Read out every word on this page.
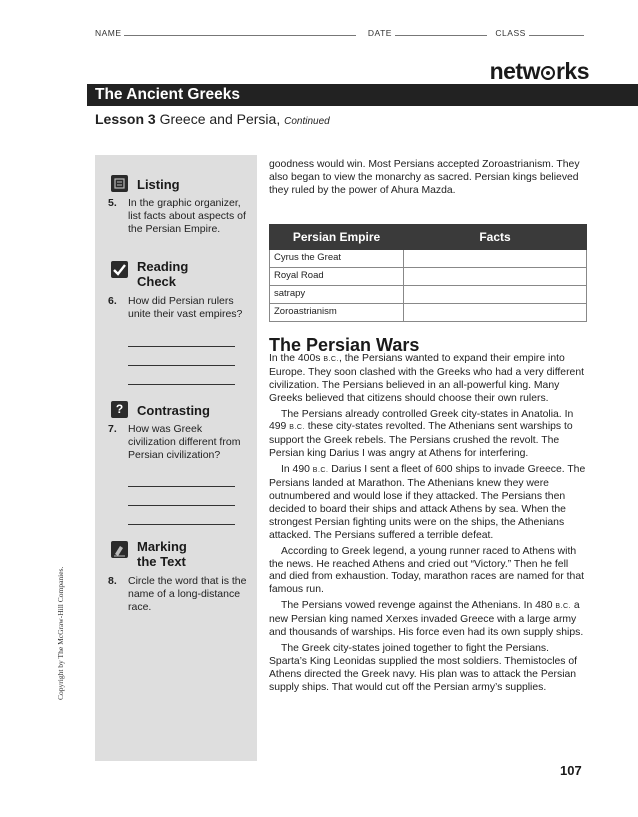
NAME	DATE	CLASS
netw rks
The Ancient Greeks
Lesson 3 Greece and Persia, Continued
Listing
5.	In the graphic organizer, list facts about aspects of the Persian Empire.
Reading
Check
6.	How did Persian rulers unite their vast empires?
?	Contrasting
7.	How was Greek civilization different from Persian civilization?
Marking
the Text
8.	Circle the word that is the name of a long-distance race.

goodness would win. Most Persians accepted Zoroastrianism. They also began to view the monarchy as sacred. Persian kings believed they ruled by the power of Ahura Mazda.

Persian Empire	Facts
Cyrus the Great	
Royal Road	
satrapy	
Zoroastrianism	
The Persian Wars

In the 400s B.C., the Persians wanted to expand their empire into Europe. They soon clashed with the Greeks who had a very different civilization. The Persians believed in an all-powerful king. Many Greeks believed that citizens should choose their own rulers.

The Persians already controlled Greek city-states in Anatolia. In 499 B.C. these city-states revolted. The Athenians sent warships to support the Greek rebels. The Persians crushed the revolt. The Persian king Darius I was angry at Athens for interfering.

In 490 B.C. Darius I sent a fleet of 600 ships to invade Greece. The Persians landed at Marathon. The Athenians knew they were outnumbered and would lose if they attacked. The Persians then decided to board their ships and attack Athens by sea. When the strongest Persian fighting units were on the ships, the Athenians attacked. The Persians suffered a terrible defeat.

According to Greek legend, a young runner raced to Athens with the news. He reached Athens and cried out “Victory.” Then he fell and died from exhaustion. Today, marathon races are named for that famous run.

The Persians vowed revenge against the Athenians. In 480 B.C. a new Persian king named Xerxes invaded Greece with a large army and thousands of warships. His force even had its own supply ships.

The Greek city-states joined together to fight the Persians. Sparta’s King Leonidas supplied the most soldiers. Themistocles of Athens directed the Greek navy. His plan was to attack the Persian supply ships. That would cut off the Persian army’s supplies.

Copyright by The McGraw-Hill Companies.
107
